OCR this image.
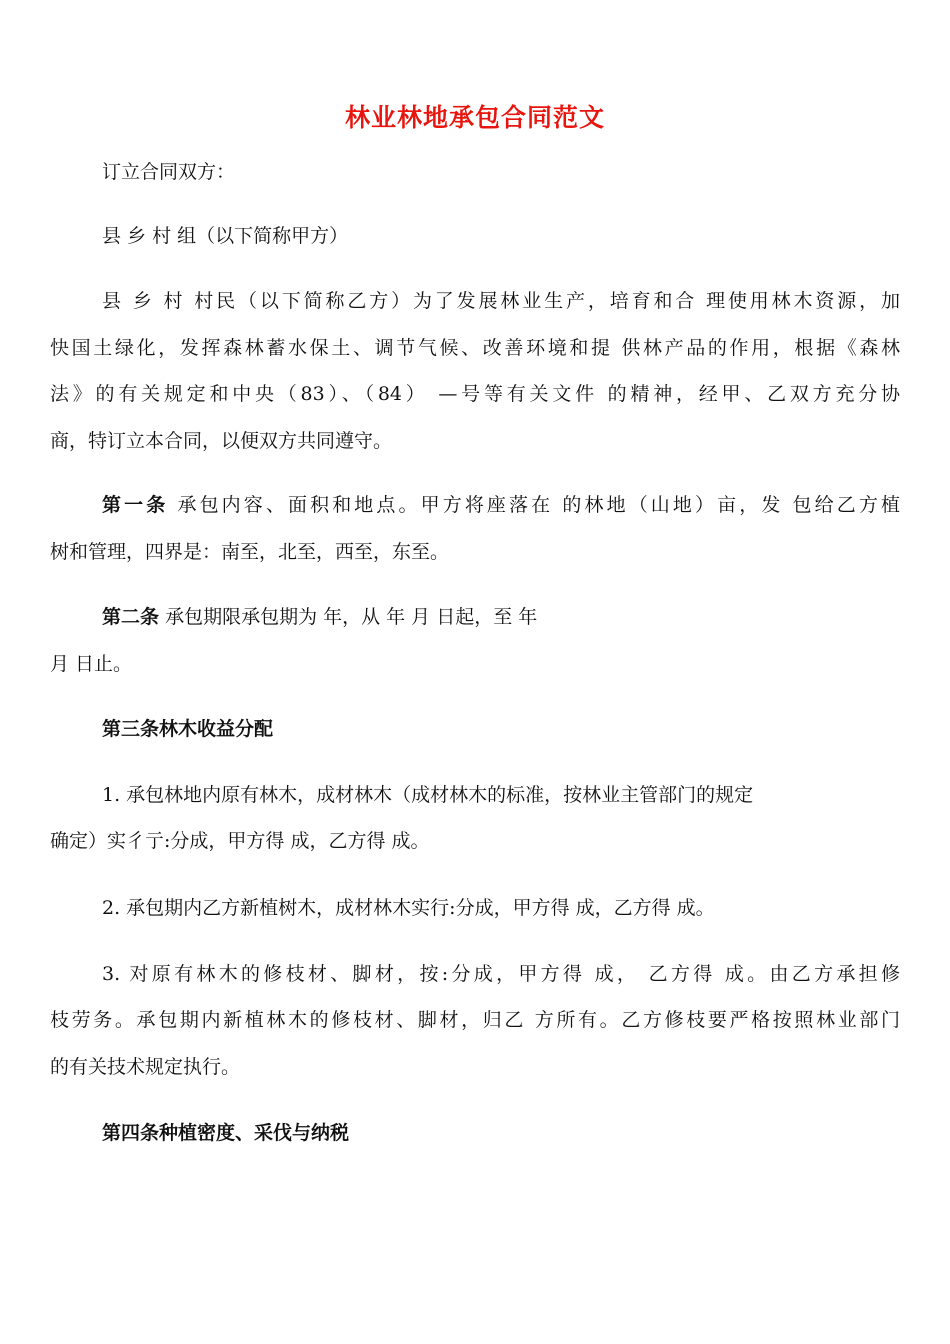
林业林地承包合同范文
订立合同双方：
县 乡 村 组（以下简称甲方）
县 乡 村 村民（以下简称乙方）为了发展林业生产，培育和合 理使用林木资源，加
快国土绿化，发挥森林蓄水保土、调节气候、改善环境和提 供林产品的作用，根据《森林
法》的有关规定和中央（83）、（84） —号等有关文件 的精神，经甲、乙双方充分协
商，特订立本合同，以便双方共同遵守。
第一条 承包内容、面积和地点。甲方将座落在 的林地（山地）亩，发 包给乙方植
树和管理，四界是：南至，北至，西至，东至。
第二条 承包期限承包期为 年，从 年 月 日起，至 年
月 日止。
第三条林木收益分配
1. 承包林地内原有林木，成材林木（成材林木的标准，按林业主管部门的规定
确定）实彳亍:分成，甲方得 成，乙方得 成。
2. 承包期内乙方新植树木，成材林木实行:分成，甲方得 成，乙方得 成。
3. 对原有林木的修枝材、脚材，按:分成，甲方得 成， 乙方得 成。由乙方承担修
枝劳务。承包期内新植林木的修枝材、脚材，归乙 方所有。乙方修枝要严格按照林业部门
的有关技术规定执行。
第四条种植密度、采伐与纳税
